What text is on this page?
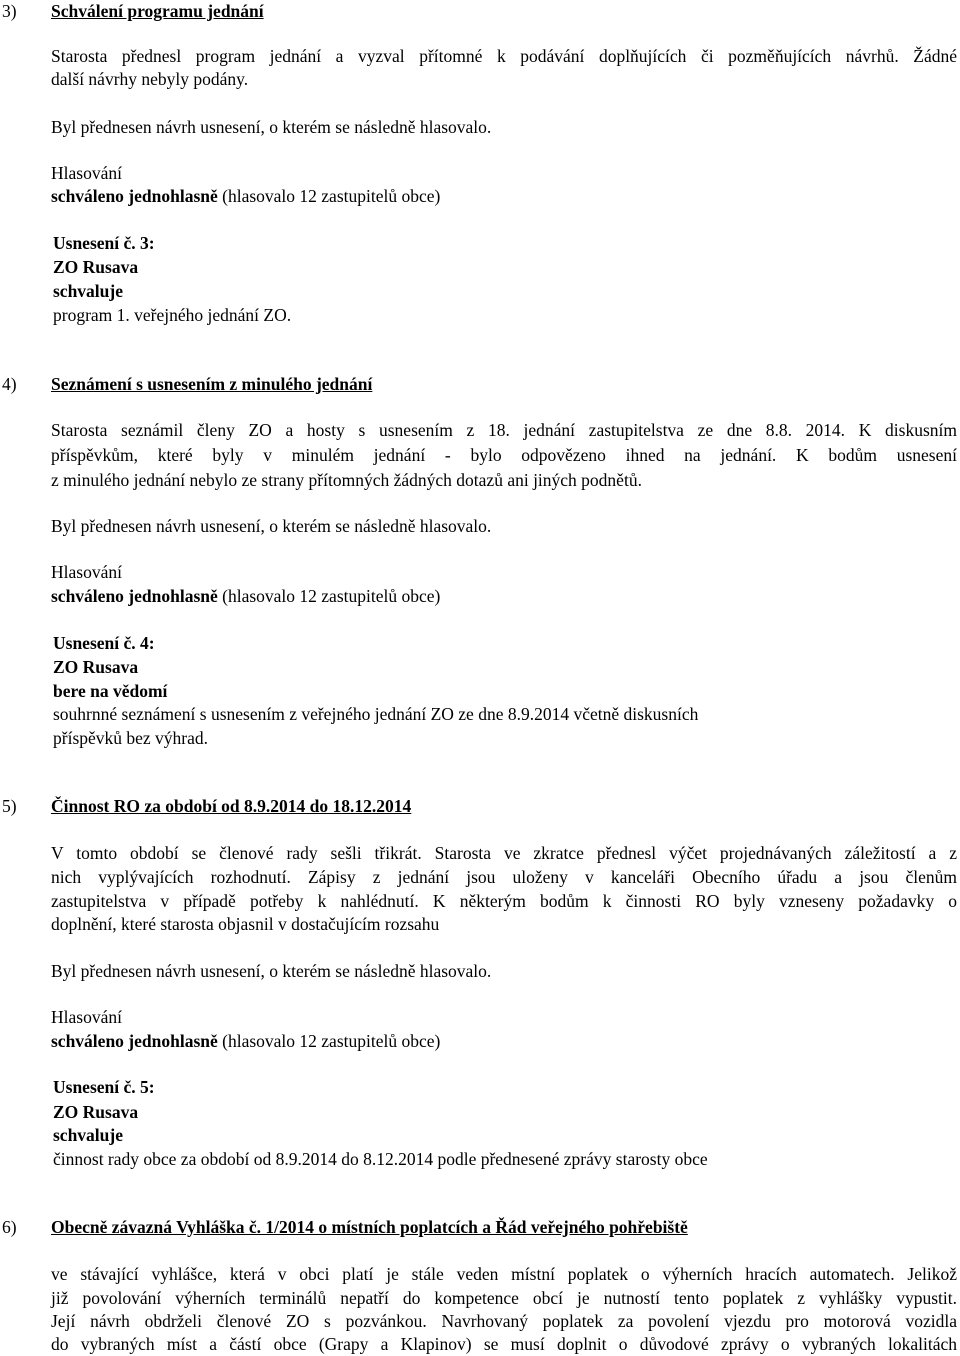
3) Schválení programu jednání
Starosta přednesl program jednání a vyzval přítomné k podávání doplňujících či pozměňujících návrhů. Žádné
další návrhy nebyly podány.
Byl přednesen návrh usnesení, o kterém se následně hlasovalo.
Hlasování
schváleno jednohlasně (hlasovalo 12 zastupitelů obce)
Usnesení č. 3:
ZO Rusava
schvaluje
program 1. veřejného jednání ZO.
4) Seznámení s usnesením z minulého jednání
Starosta seznámil členy ZO a hosty s usnesením z 18. jednání zastupitelstva ze dne 8.8. 2014. K diskusním
příspěvkům, které byly v minulém jednání - bylo odpovězeno ihned na jednání. K bodům usnesení
z minulého jednání nebylo ze strany přítomných žádných dotazů ani jiných podnětů.
Byl přednesen návrh usnesení, o kterém se následně hlasovalo.
Hlasování
schváleno jednohlasně (hlasovalo 12 zastupitelů obce)
Usnesení č. 4:
ZO Rusava
bere na vědomí
souhrnné seznámení s usnesením z veřejného jednání ZO ze dne 8.9.2014 včetně diskusních
příspěvků bez výhrad.
5) Činnost RO za období od 8.9.2014 do 18.12.2014
V tomto období se členové rady sešli třikrát. Starosta ve zkratce přednesl výčet projednávaných záležitostí a z
nich vyplývajících rozhodnutí. Zápisy z jednání jsou uloženy v kanceláři Obecního úřadu a jsou členům
zastupitelstva v případě potřeby k nahlédnutí. K některým bodům k činnosti RO byly vzneseny požadavky o
doplnění, které starosta objasnil v dostačujícím rozsahu
Byl přednesen návrh usnesení, o kterém se následně hlasovalo.
Hlasování
schváleno jednohlasně (hlasovalo 12 zastupitelů obce)
Usnesení č. 5:
ZO Rusava
schvaluje
činnost rady obce za období od 8.9.2014 do 8.12.2014 podle přednesené zprávy starosty obce
6) Obecně závazná Vyhláška č. 1/2014 o místních poplatcích a Řád veřejného pohřebiště
ve stávající vyhlášce, která v obci platí je stále veden místní poplatek o výherních hracích automatech. Jelikož
již povolování výherních terminálů nepatří do kompetence obcí je nutností tento poplatek z vyhlášky vypustit.
Její návrh obdrželi členové ZO s pozvánkou. Navrhovaný poplatek za povolení vjezdu pro motorová vozidla
do vybraných míst a částí obce (Grapy a Klapinov) se musí doplnit o důvodové zprávy o vybraných lokalitách
